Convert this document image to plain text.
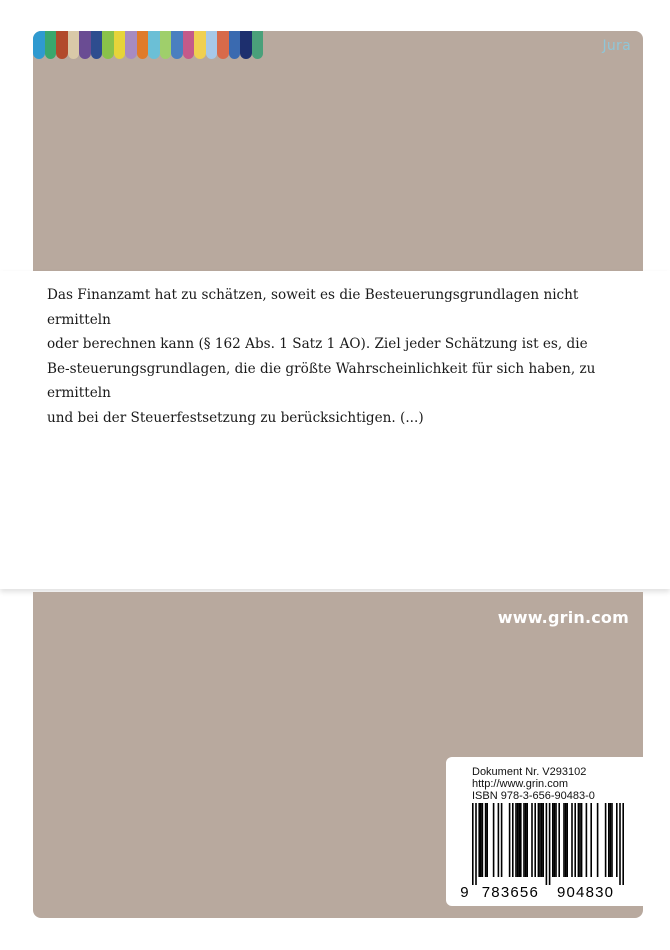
Jura

Das Finanzamt hat zu schätzen, soweit es die Besteuerungsgrundlagen nicht ermitteln
oder berechnen kann (§ 162 Abs. 1 Satz 1 AO). Ziel jeder Schätzung ist es, die
Be-steuerungsgrundlagen, die die größte Wahrscheinlichkeit für sich haben, zu ermitteln
und bei der Steuerfestsetzung zu berücksichtigen. (...)

www.grin.com
Dokument Nr. V293102
http://www.grin.com
ISBN 978-3-656-90483-0
9 783656 904830
